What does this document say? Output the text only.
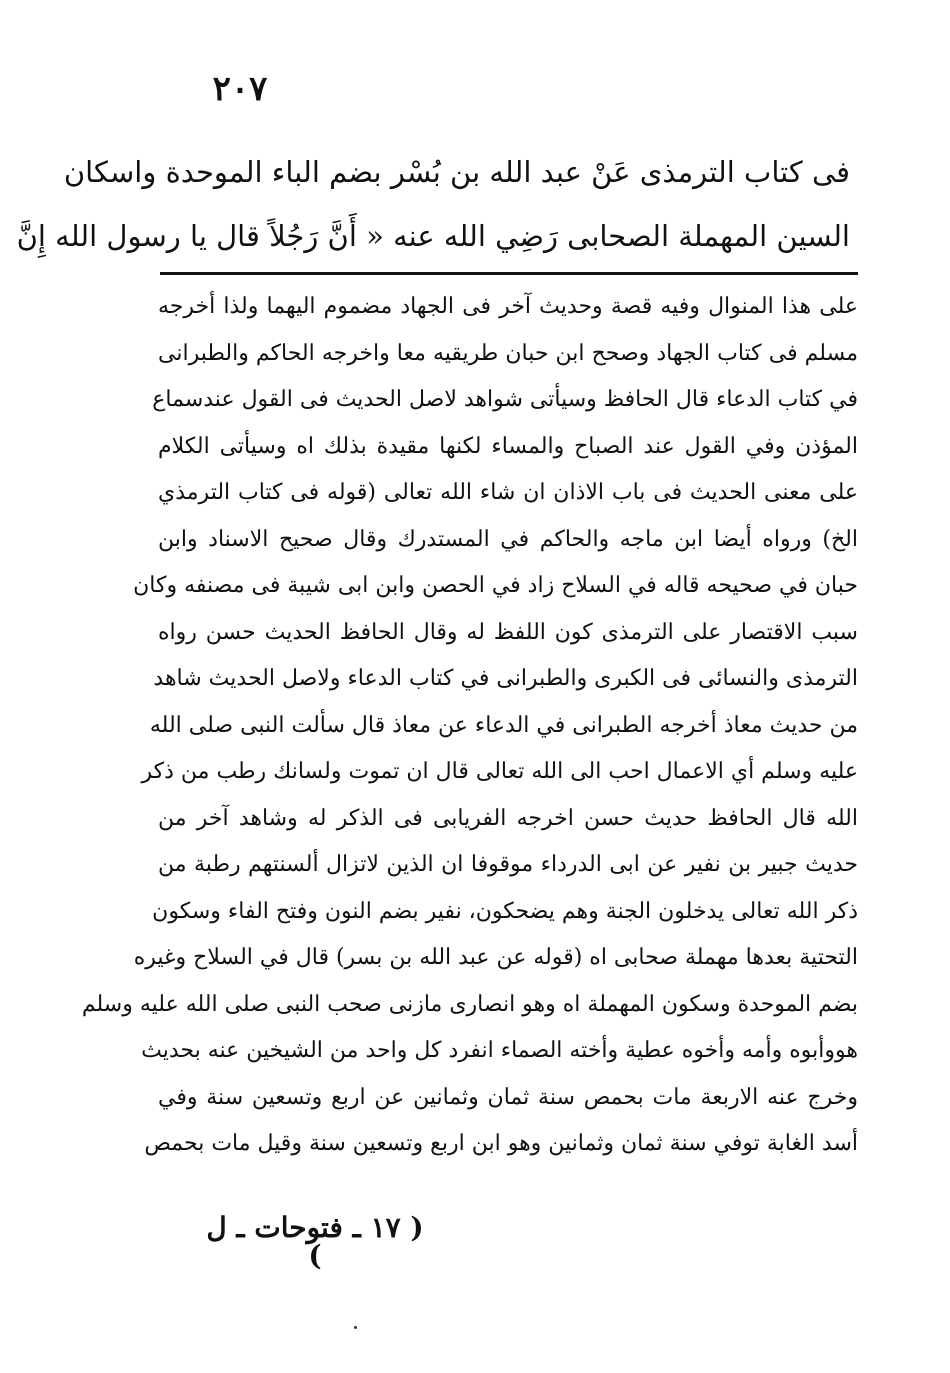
٢٠٧
فى كتاب الترمذى عَنْ عبد الله بن بُسْر بضم الباء الموحدة واسكان
السين المهملة الصحابى رَضِي الله عنه « أَنَّ رَجُلاً قال يا رسول الله إِنَّ
على هذا المنوال وفيه قصة وحديث آخر فى الجهاد مضموم اليهما ولذا أخرجه
مسلم فى كتاب الجهاد وصحح ابن حبان طريقيه معا واخرجه الحاكم والطبرانى
في كتاب الدعاء قال الحافظ وسيأتى شواهد لاصل الحديث فى القول عندسماع
المؤذن وفي القول عند الصباح والمساء لكنها مقيدة بذلك اه وسيأتى الكلام
على معنى الحديث فى باب الاذان ان شاء الله تعالى (قوله فى كتاب الترمذي
الخ) ورواه أيضا ابن ماجه والحاكم في المستدرك وقال صحيح الاسناد وابن
حبان في صحيحه قاله في السلاح زاد في الحصن وابن ابى شيبة فى مصنفه وكان
سبب الاقتصار على الترمذى كون اللفظ له وقال الحافظ الحديث حسن رواه
الترمذى والنسائى فى الكبرى والطبرانى في كتاب الدعاء ولاصل الحديث شاهد
من حديث معاذ أخرجه الطبرانى في الدعاء عن معاذ قال سألت النبى صلى الله
عليه وسلم أي الاعمال احب الى الله تعالى قال ان تموت ولسانك رطب من ذكر
الله قال الحافظ حديث حسن اخرجه الفريابى فى الذكر له وشاهد آخر من
حديث جبير بن نفير عن ابى الدرداء موقوفا ان الذين لاتزال ألسنتهم رطبة من
ذكر الله تعالى يدخلون الجنة وهم يضحكون، نفير بضم النون وفتح الفاء وسكون
التحتية بعدها مهملة صحابى اه (قوله عن عبد الله بن بسر) قال في السلاح وغيره
بضم الموحدة وسكون المهملة اه وهو انصارى مازنى صحب النبى صلى الله عليه وسلم
هووأبوه وأمه وأخوه عطية وأخته الصماء انفرد كل واحد من الشيخين عنه بحديث
وخرج عنه الاربعة مات بحمص سنة ثمان وثمانين عن اربع وتسعين سنة وفي
أسد الغابة توفي سنة ثمان وثمانين وهو ابن اربع وتسعين سنة وقيل مات بحمص
( ١٧ ـ فتوحات ـ ل )
